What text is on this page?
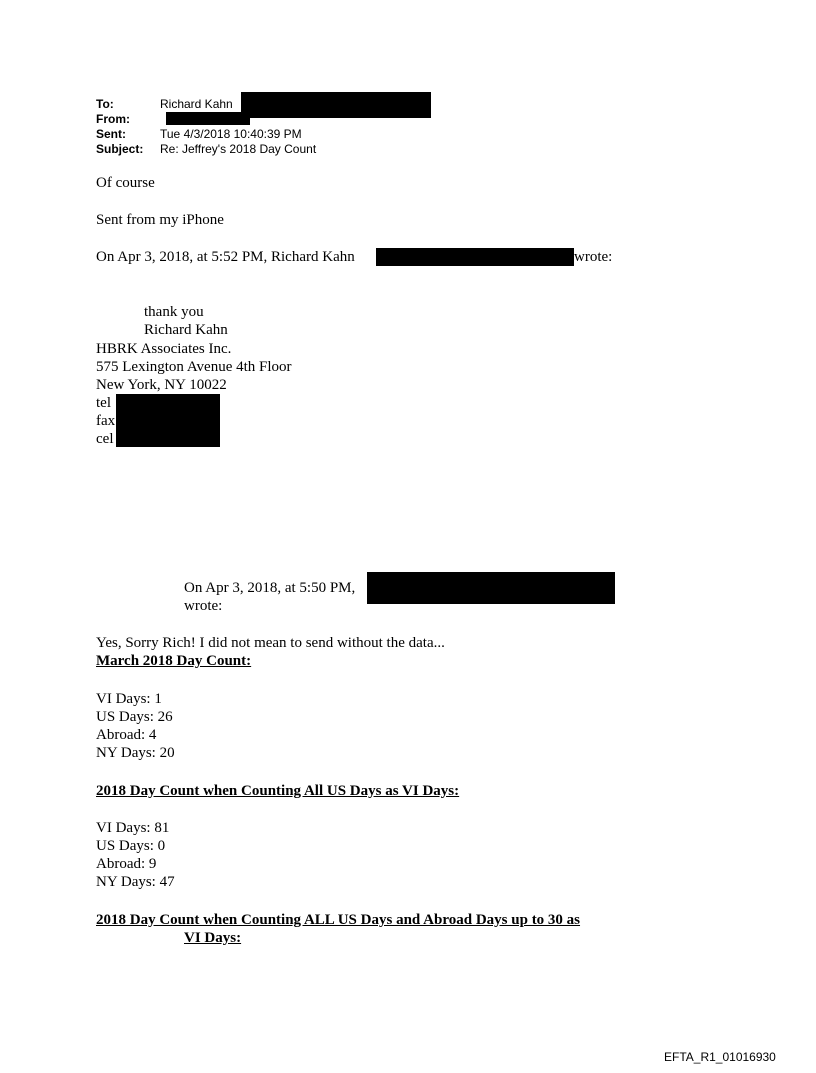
To:	Richard Kahn
From:
Sent:	Tue 4/3/2018 10:40:39 PM
Subject: Re: Jeffrey's 2018 Day Count
Of course
Sent from my iPhone
On Apr 3, 2018, at 5:52 PM, Richard Kahn	wrote:
thank you
Richard Kahn
HBRK Associates Inc.
575 Lexington Avenue 4th Floor
New York, NY 10022
tel
fax
cel
On Apr 3, 2018, at 5:50 PM,
wrote:
Yes, Sorry Rich! I did not mean to send without the data...
March 2018 Day Count:
VI Days: 1
US Days: 26
Abroad: 4
NY Days: 20
2018 Day Count when Counting All US Days as VI Days:
VI Days: 81
US Days: 0
Abroad: 9
NY Days: 47
2018 Day Count when Counting ALL US Days and Abroad Days up to 30 as
VI Days:
EFTA_R1_01016930
